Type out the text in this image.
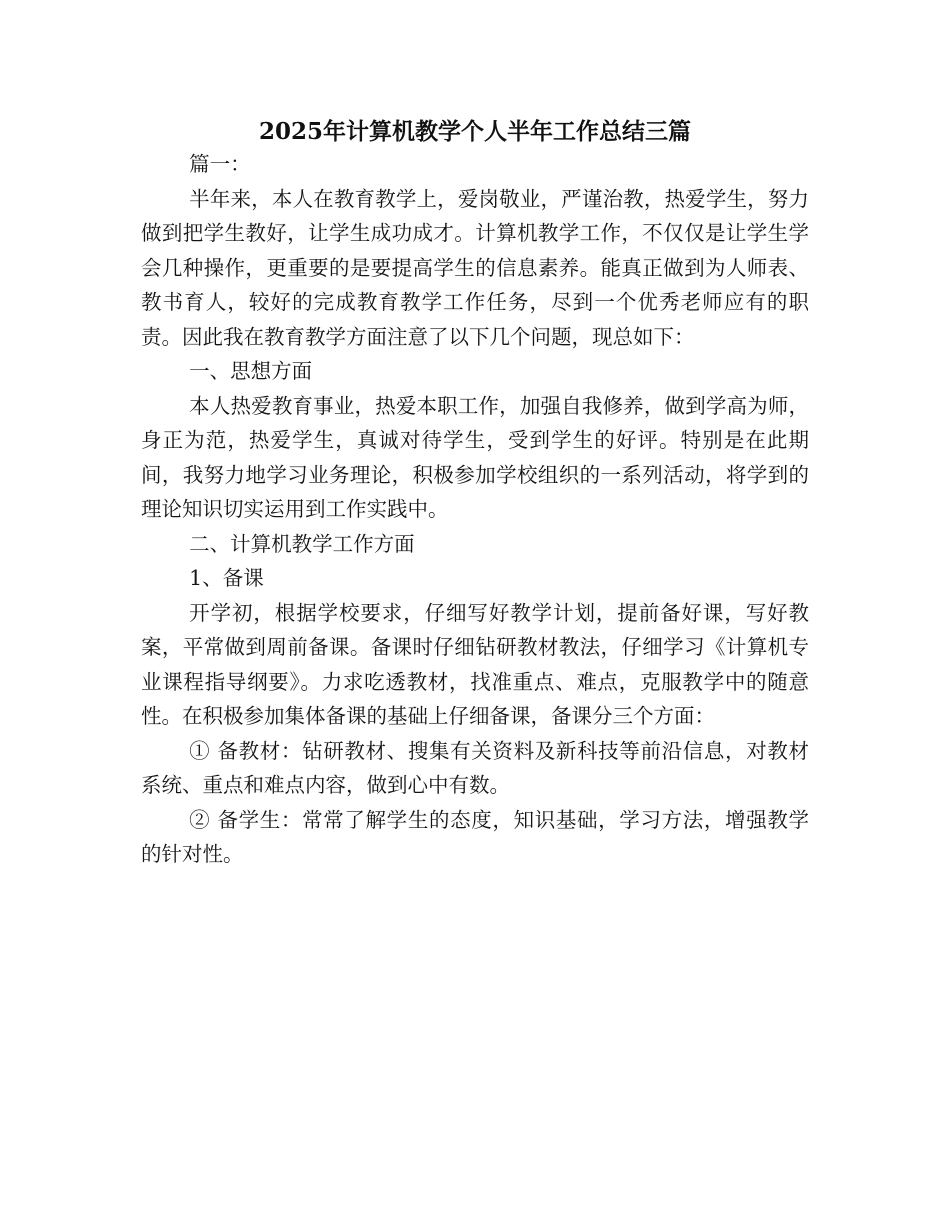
2025年计算机教学个人半年工作总结三篇

篇一：

半年来，本人在教育教学上，爱岗敬业，严谨治教，热爱学生，努力做到把学生教好，让学生成功成才。计算机教学工作，不仅仅是让学生学会几种操作，更重要的是要提高学生的信息素养。能真正做到为人师表、教书育人，较好的完成教育教学工作任务，尽到一个优秀老师应有的职责。因此我在教育教学方面注意了以下几个问题，现总如下：

一、思想方面

本人热爱教育事业，热爱本职工作，加强自我修养，做到学高为师，身正为范，热爱学生，真诚对待学生，受到学生的好评。特别是在此期间，我努力地学习业务理论，积极参加学校组织的一系列活动，将学到的理论知识切实运用到工作实践中。

二、计算机教学工作方面

1、备课

开学初，根据学校要求，仔细写好教学计划，提前备好课，写好教案，平常做到周前备课。备课时仔细钻研教材教法，仔细学习《计算机专业课程指导纲要》。力求吃透教材，找准重点、难点，克服教学中的随意性。在积极参加集体备课的基础上仔细备课，备课分三个方面：

① 备教材：钻研教材、搜集有关资料及新科技等前沿信息，对教材系统、重点和难点内容，做到心中有数。

② 备学生：常常了解学生的态度，知识基础，学习方法，增强教学的针对性。
